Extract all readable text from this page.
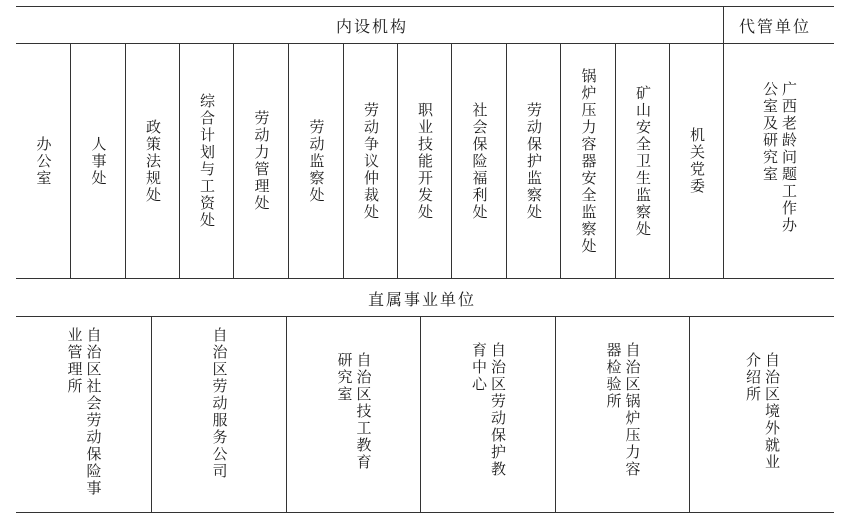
内设机构	代管单位
办公室 人事处 政策法规处 综合计划与工资处 劳动力管理处 劳动监察处 劳动争议仲裁处 职业技能开发处 社会保险福利处 劳动保护监察处 锅炉压力容器安全监察处 矿山安全卫生监察处 机关党委	广西老龄问题工作办公室及研究室
直属事业单位
自治区社会劳动保险事业管理所	自治区劳动服务公司	自治区技工教育研究室	自治区劳动保护教育中心	自治区锅炉压力容器检验所	自治区境外就业介绍所
